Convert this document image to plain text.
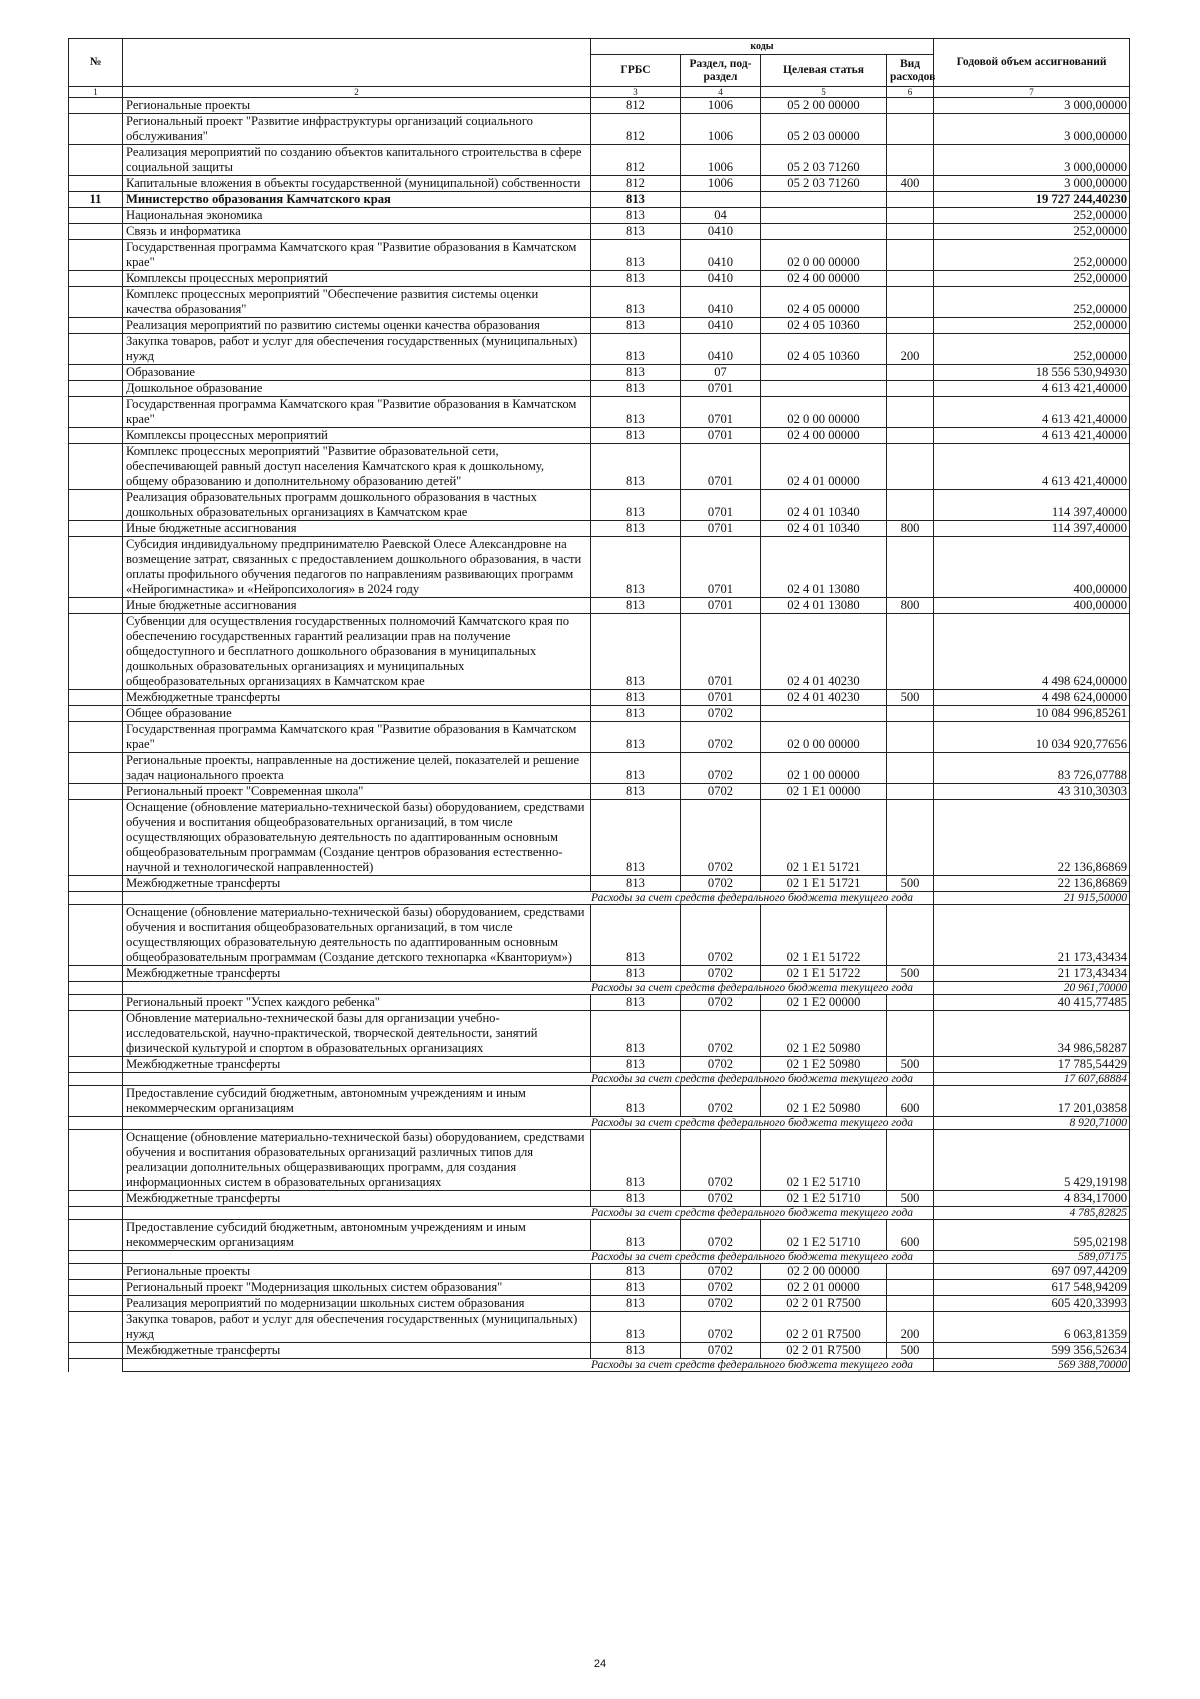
№		коды				Годовой объем ассигнований
		ГРБС	Раздел, под-раздел	Целевая статья	Вид расходов	
1	2	3	4	5	6	7
	Региональные проекты	812	1006	05 2 00 00000		3 000,00000
	Региональный проект "Развитие инфраструктуры организаций социального обслуживания"	812	1006	05 2 03 00000		3 000,00000
	Реализация мероприятий по созданию объектов капитального строительства в сфере социальной защиты	812	1006	05 2 03 71260		3 000,00000
	Капитальные вложения в объекты государственной (муниципальной) собственности	812	1006	05 2 03 71260	400	3 000,00000
11	Министерство образования Камчатского края	813				19 727 244,40230
	Национальная экономика	813	04			252,00000
	Связь и информатика	813	0410			252,00000
	Государственная программа Камчатского края "Развитие образования в Камчатском крае"	813	0410	02 0 00 00000		252,00000
	Комплексы процессных мероприятий	813	0410	02 4 00 00000		252,00000
	Комплекс процессных мероприятий "Обеспечение развития системы оценки качества образования"	813	0410	02 4 05 00000		252,00000
	Реализация мероприятий по развитию системы оценки качества образования	813	0410	02 4 05 10360		252,00000
	Закупка товаров, работ и услуг для обеспечения государственных (муниципальных) нужд	813	0410	02 4 05 10360	200	252,00000
	Образование	813	07			18 556 530,94930
	Дошкольное образование	813	0701			4 613 421,40000
	Государственная программа Камчатского края "Развитие образования в Камчатском крае"	813	0701	02 0 00 00000		4 613 421,40000
	Комплексы процессных мероприятий	813	0701	02 4 00 00000		4 613 421,40000
	Комплекс процессных мероприятий "Развитие образовательной сети, обеспечивающей равный доступ населения Камчатского края к дошкольному, общему образованию и дополнительному образованию детей"	813	0701	02 4 01 00000		4 613 421,40000
	Реализация образовательных программ дошкольного образования в частных дошкольных образовательных организациях в Камчатском крае	813	0701	02 4 01 10340		114 397,40000
	Иные бюджетные ассигнования	813	0701	02 4 01 10340	800	114 397,40000
	Субсидия индивидуальному предпринимателю Раевской Олесе Александровне на возмещение затрат, связанных с предоставлением дошкольного образования, в части оплаты профильного обучения педагогов по направлениям развивающих программ «Нейрогимнастика» и «Нейропсихология» в 2024 году	813	0701	02 4 01 13080		400,00000
	Иные бюджетные ассигнования	813	0701	02 4 01 13080	800	400,00000
	Субвенции для осуществления государственных полномочий Камчатского края по обеспечению государственных гарантий реализации прав на получение общедоступного и бесплатного дошкольного образования в муниципальных дошкольных образовательных организациях и муниципальных общеобразовательных организациях в Камчатском крае	813	0701	02 4 01 40230		4 498 624,00000
	Межбюджетные трансферты	813	0701	02 4 01 40230	500	4 498 624,00000
	Общее образование	813	0702			10 084 996,85261
	Государственная программа Камчатского края "Развитие образования в Камчатском крае"	813	0702	02 0 00 00000		10 034 920,77656
	Региональные проекты, направленные на достижение целей, показателей и решение задач национального проекта	813	0702	02 1 00 00000		83 726,07788
	Региональный проект "Современная школа"	813	0702	02 1 Е1 00000		43 310,30303
	Оснащение (обновление материально-технической базы) оборудованием, средствами обучения и воспитания общеобразовательных организаций, в том числе осуществляющих образовательную деятельность по адаптированным основным общеобразовательным программам (Создание центров образования естественно-научной и технологической направленностей)	813	0702	02 1 Е1 51721		22 136,86869
	Межбюджетные трансферты	813	0702	02 1 Е1 51721	500	22 136,86869
	Расходы за счет средств федерального бюджета текущего года					21 915,50000
	Оснащение (обновление материально-технической базы) оборудованием, средствами обучения и воспитания общеобразовательных организаций, в том числе осуществляющих образовательную деятельность по адаптированным основным общеобразовательным программам (Создание детского технопарка «Кванториум»)	813	0702	02 1 Е1 51722		21 173,43434
	Межбюджетные трансферты	813	0702	02 1 Е1 51722	500	21 173,43434
	Расходы за счет средств федерального бюджета текущего года					20 961,70000
	Региональный проект "Успех каждого ребенка"	813	0702	02 1 Е2 00000		40 415,77485
	Обновление материально-технической базы для организации учебно-исследовательской, научно-практической, творческой деятельности, занятий физической культурой и спортом в образовательных организациях	813	0702	02 1 Е2 50980		34 986,58287
	Межбюджетные трансферты	813	0702	02 1 Е2 50980	500	17 785,54429
	Расходы за счет средств федерального бюджета текущего года					17 607,68884
	Предоставление субсидий бюджетным, автономным учреждениям и иным некоммерческим организациям	813	0702	02 1 Е2 50980	600	17 201,03858
	Расходы за счет средств федерального бюджета текущего года					8 920,71000
	Оснащение (обновление материально-технической базы) оборудованием, средствами обучения и воспитания образовательных организаций различных типов для реализации дополнительных общеразвивающих программ, для создания информационных систем в образовательных организациях	813	0702	02 1 Е2 51710		5 429,19198
	Межбюджетные трансферты	813	0702	02 1 Е2 51710	500	4 834,17000
	Расходы за счет средств федерального бюджета текущего года					4 785,82825
	Предоставление субсидий бюджетным, автономным учреждениям и иным некоммерческим организациям	813	0702	02 1 Е2 51710	600	595,02198
	Расходы за счет средств федерального бюджета текущего года					589,07175
	Региональные проекты	813	0702	02 2 00 00000		697 097,44209
	Региональный проект "Модернизация школьных систем образования"	813	0702	02 2 01 00000		617 548,94209
	Реализация мероприятий по модернизации школьных систем образования	813	0702	02 2 01 R7500		605 420,33993
	Закупка товаров, работ и услуг для обеспечения государственных (муниципальных) нужд	813	0702	02 2 01 R7500	200	6 063,81359
	Межбюджетные трансферты	813	0702	02 2 01 R7500	500	599 356,52634
	Расходы за счет средств федерального бюджета текущего года					569 388,70000
24
